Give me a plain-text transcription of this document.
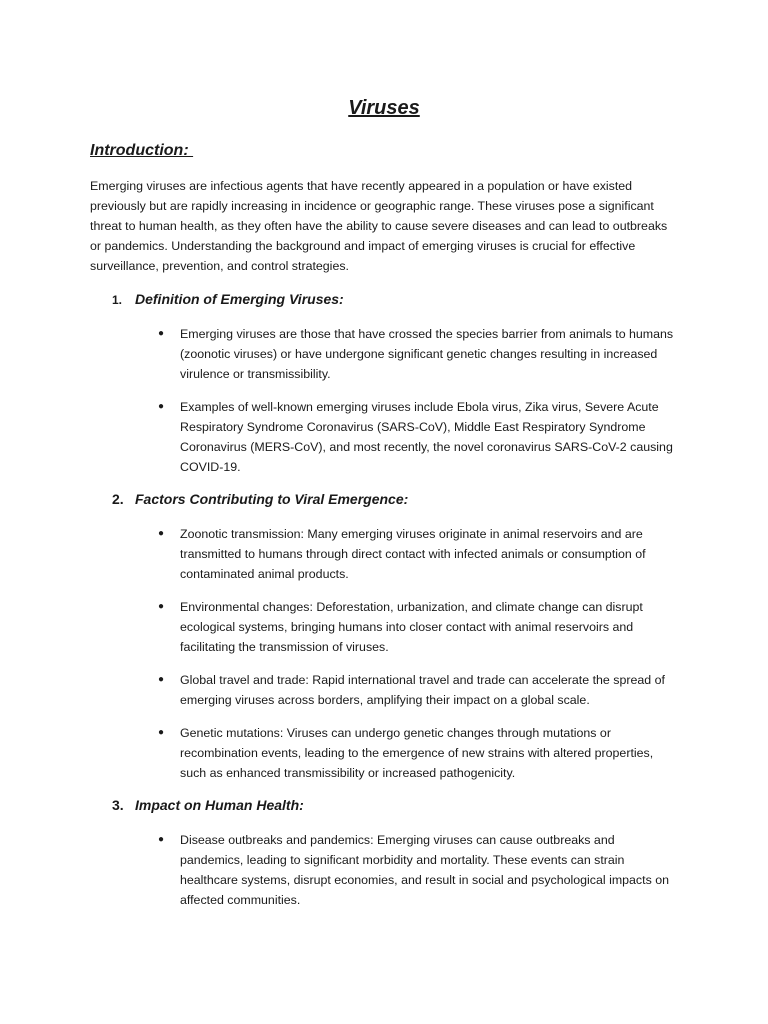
Viruses
Introduction:

Emerging viruses are infectious agents that have recently appeared in a population or have existed previously but are rapidly increasing in incidence or geographic range. These viruses pose a significant threat to human health, as they often have the ability to cause severe diseases and can lead to outbreaks or pandemics. Understanding the background and impact of emerging viruses is crucial for effective surveillance, prevention, and control strategies.

1. Definition of Emerging Viruses:
●	Emerging viruses are those that have crossed the species barrier from animals to humans (zoonotic viruses) or have undergone significant genetic changes resulting in increased virulence or transmissibility.

●	Examples of well-known emerging viruses include Ebola virus, Zika virus, Severe Acute Respiratory Syndrome Coronavirus (SARS-CoV), Middle East Respiratory Syndrome Coronavirus (MERS-CoV), and most recently, the novel coronavirus SARS-CoV-2 causing COVID-19.

2. Factors Contributing to Viral Emergence:
●	Zoonotic transmission: Many emerging viruses originate in animal reservoirs and are transmitted to humans through direct contact with infected animals or consumption of contaminated animal products.

●	Environmental changes: Deforestation, urbanization, and climate change can disrupt ecological systems, bringing humans into closer contact with animal reservoirs and facilitating the transmission of viruses.

●	Global travel and trade: Rapid international travel and trade can accelerate the spread of emerging viruses across borders, amplifying their impact on a global scale.

●	Genetic mutations: Viruses can undergo genetic changes through mutations or recombination events, leading to the emergence of new strains with altered properties, such as enhanced transmissibility or increased pathogenicity.

3. Impact on Human Health:
●	Disease outbreaks and pandemics: Emerging viruses can cause outbreaks and pandemics, leading to significant morbidity and mortality. These events can strain healthcare systems, disrupt economies, and result in social and psychological impacts on affected communities.
